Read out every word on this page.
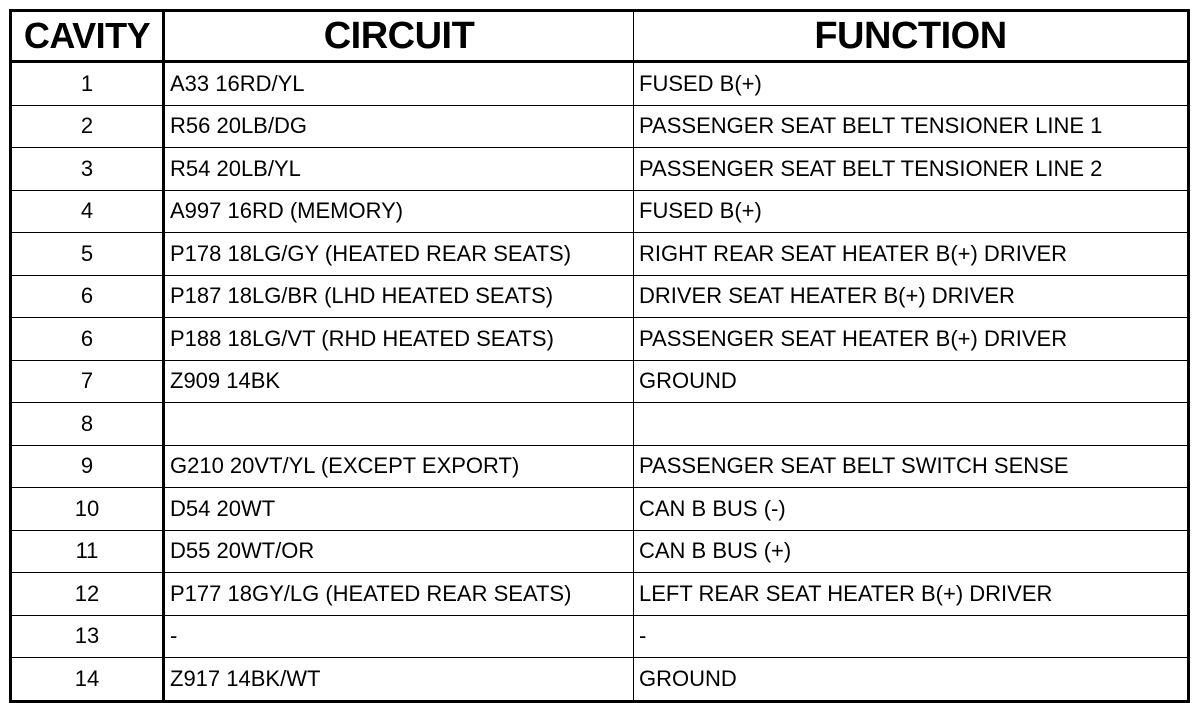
CAVITY	CIRCUIT	FUNCTION
1	A33 16RD/YL	FUSED B(+)
2	R56 20LB/DG	PASSENGER SEAT BELT TENSIONER LINE 1
3	R54 20LB/YL	PASSENGER SEAT BELT TENSIONER LINE 2
4	A997 16RD (MEMORY)	FUSED B(+)
5	P178 18LG/GY (HEATED REAR SEATS)	RIGHT REAR SEAT HEATER B(+) DRIVER
6	P187 18LG/BR (LHD HEATED SEATS)	DRIVER SEAT HEATER B(+) DRIVER
6	P188 18LG/VT (RHD HEATED SEATS)	PASSENGER SEAT HEATER B(+) DRIVER
7	Z909 14BK	GROUND
8		
9	G210 20VT/YL (EXCEPT EXPORT)	PASSENGER SEAT BELT SWITCH SENSE
10	D54 20WT	CAN B BUS (-)
11	D55 20WT/OR	CAN B BUS (+)
12	P177 18GY/LG (HEATED REAR SEATS)	LEFT REAR SEAT HEATER B(+) DRIVER
13	-	-
14	Z917 14BK/WT	GROUND
